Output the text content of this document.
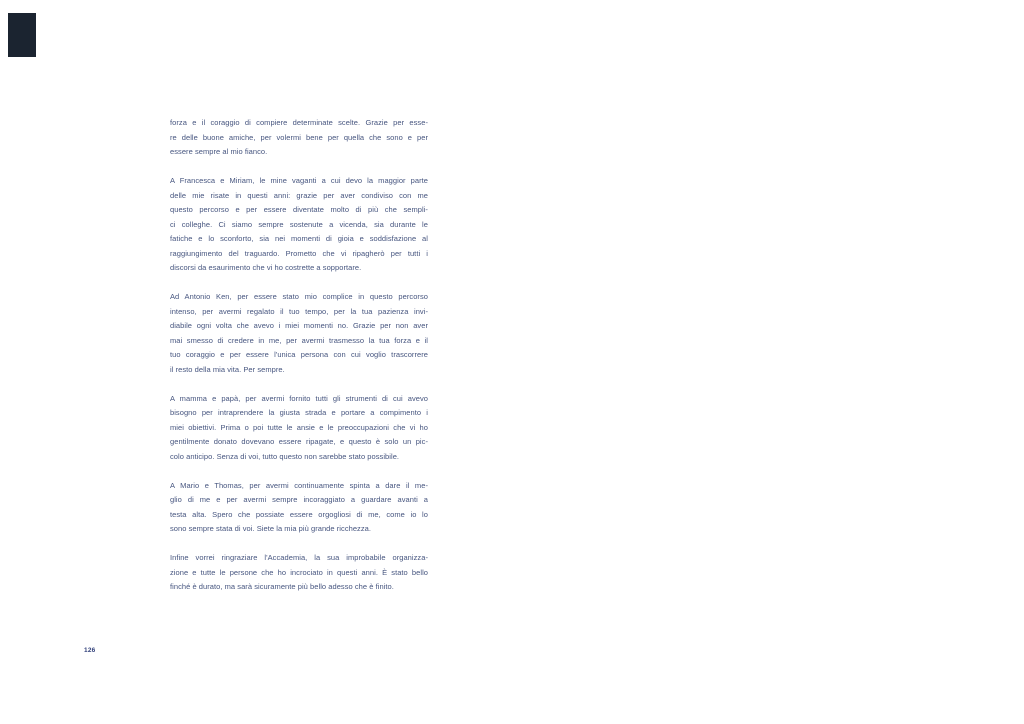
forza e il coraggio di compiere determinate scelte. Grazie per esse-
re delle buone amiche, per volermi bene per quella che sono e per
essere sempre al mio fianco.

A Francesca e Miriam, le mine vaganti a cui devo la maggior parte
delle mie risate in questi anni: grazie per aver condiviso con me
questo percorso e per essere diventate molto di più che sempli-
ci colleghe. Ci siamo sempre sostenute a vicenda, sia durante le
fatiche e lo sconforto, sia nei momenti di gioia e soddisfazione al
raggiungimento del traguardo. Prometto che vi ripagherò per tutti i
discorsi da esaurimento che vi ho costrette a sopportare.

Ad Antonio Ken, per essere stato mio complice in questo percorso
intenso, per avermi regalato il tuo tempo, per la tua pazienza invi-
diabile ogni volta che avevo i miei momenti no. Grazie per non aver
mai smesso di credere in me, per avermi trasmesso la tua forza e il
tuo coraggio e per essere l'unica persona con cui voglio trascorrere
il resto della mia vita. Per sempre.

A mamma e papà, per avermi fornito tutti gli strumenti di cui avevo
bisogno per intraprendere la giusta strada e portare a compimento i
miei obiettivi. Prima o poi tutte le ansie e le preoccupazioni che vi ho
gentilmente donato dovevano essere ripagate, e questo è solo un pic-
colo anticipo. Senza di voi, tutto questo non sarebbe stato possibile.

A Mario e Thomas, per avermi continuamente spinta a dare il me-
glio di me e per avermi sempre incoraggiato a guardare avanti a
testa alta. Spero che possiate essere orgogliosi di me, come io lo
sono sempre stata di voi. Siete la mia più grande ricchezza.

Infine vorrei ringraziare l'Accademia, la sua improbabile organizza-
zione e tutte le persone che ho incrociato in questi anni. È stato bello
finché è durato, ma sarà sicuramente più bello adesso che è finito.

126
